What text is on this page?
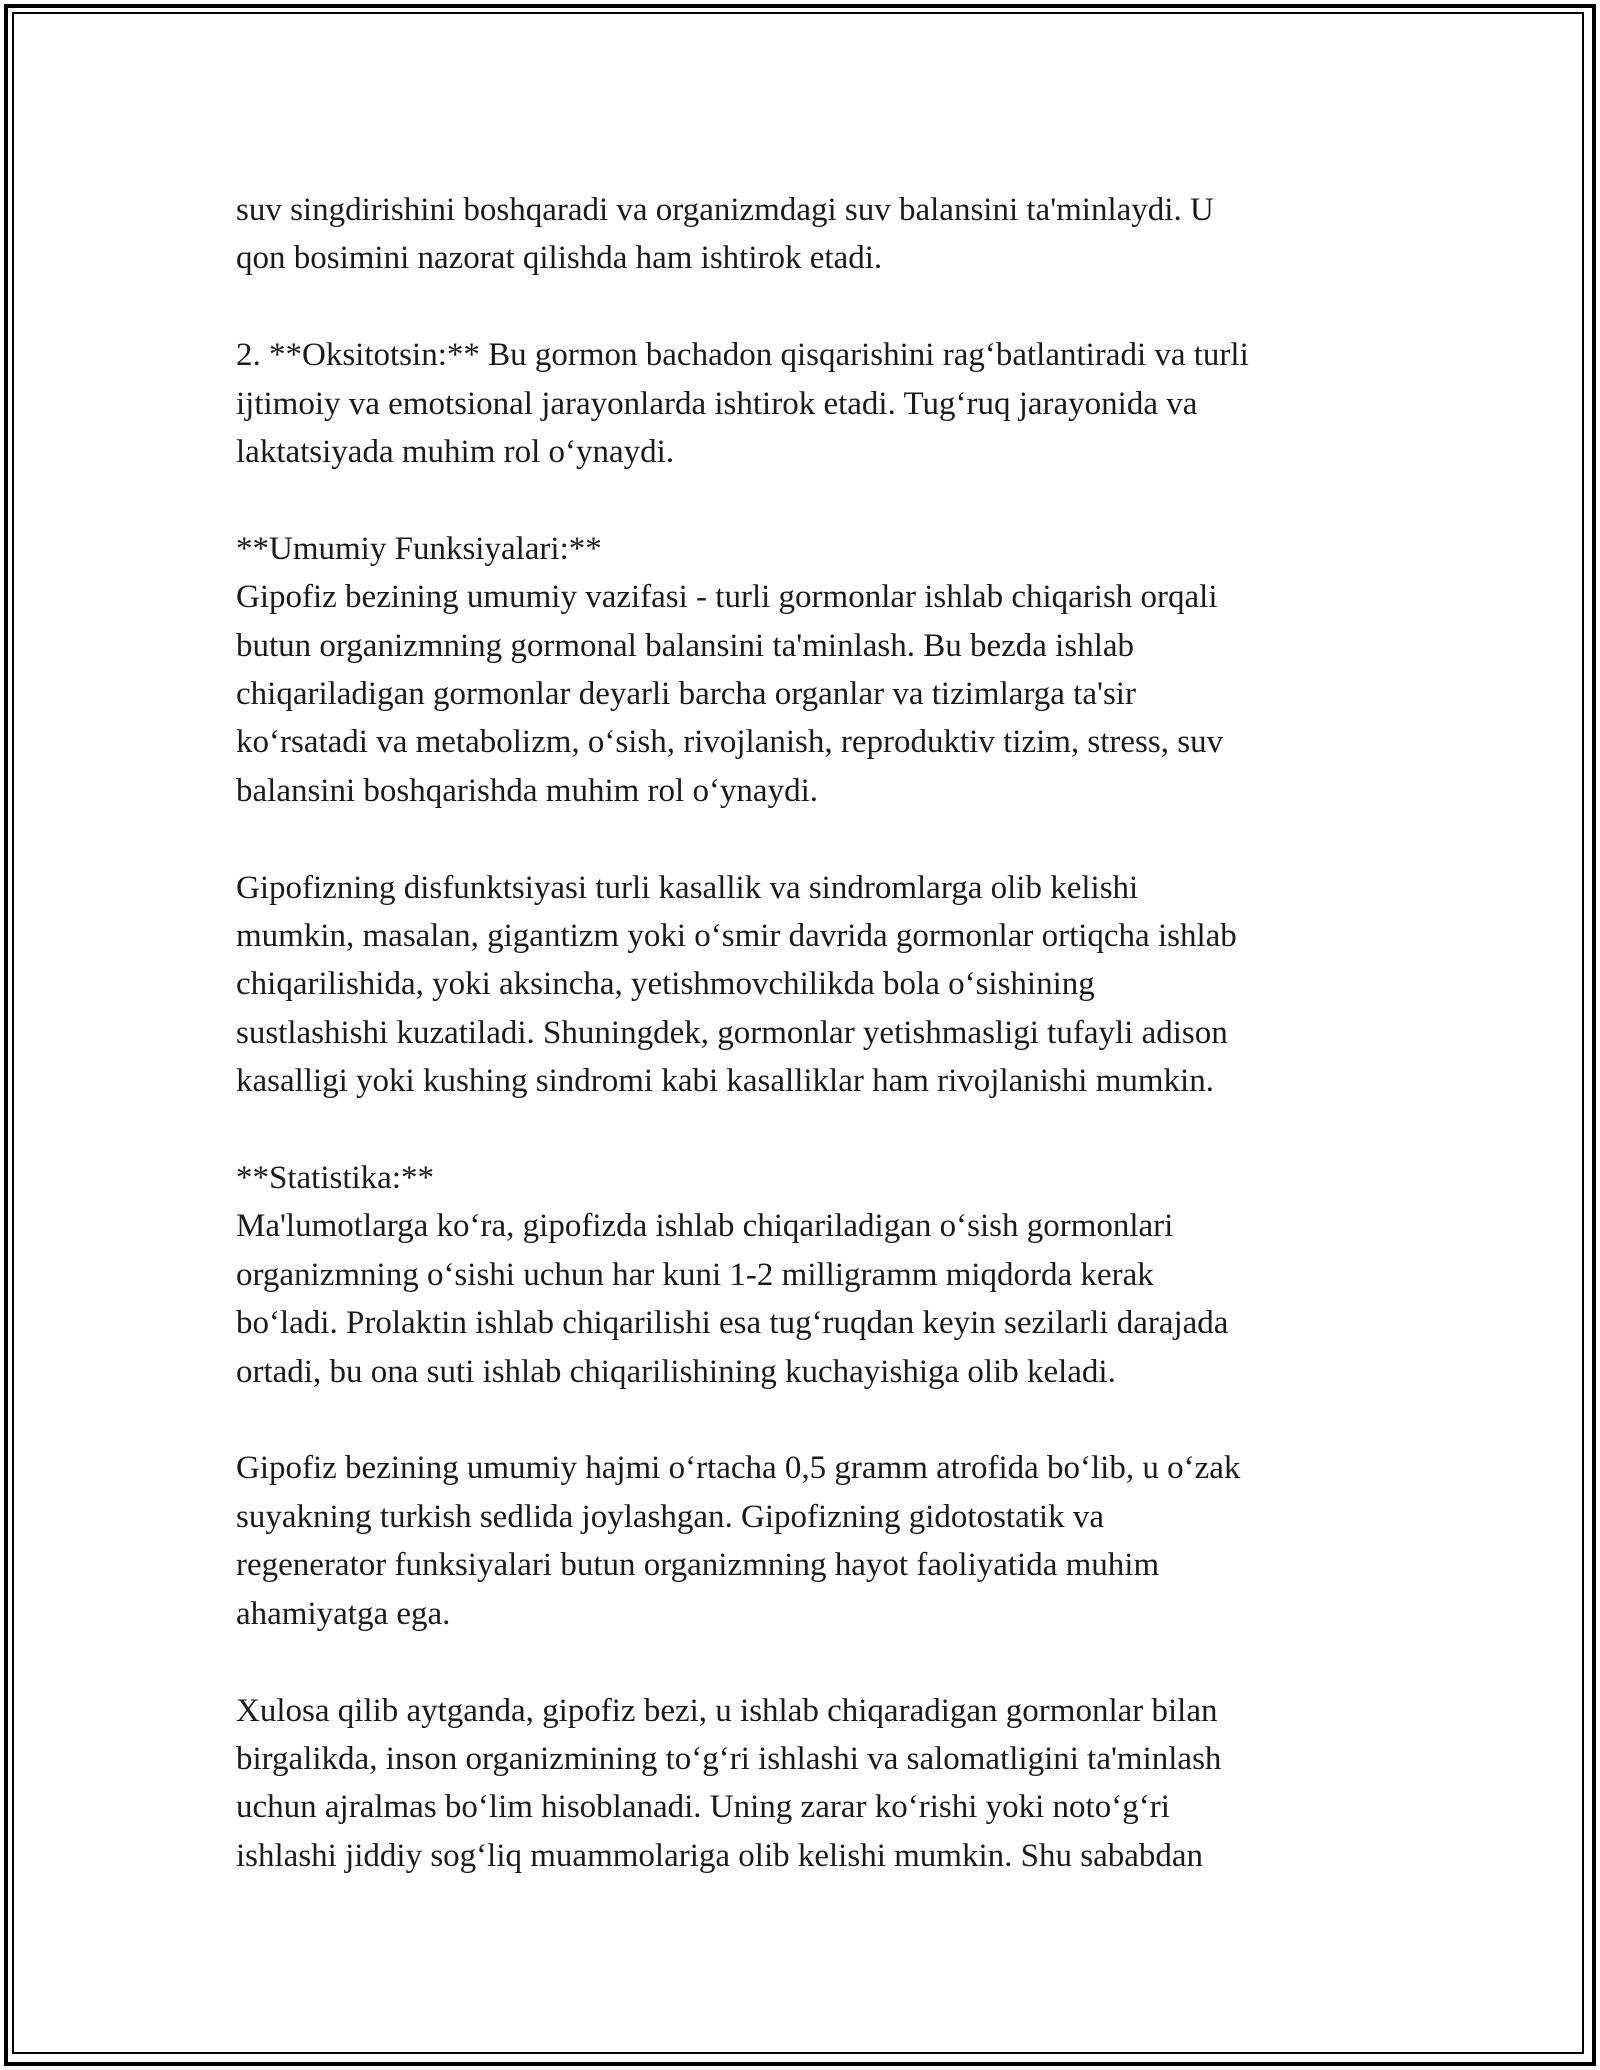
suv singdirishini boshqaradi va organizmdagi suv balansini ta'minlaydi. U
qon bosimini nazorat qilishda ham ishtirok etadi.
2. **Oksitotsin:** Bu gormon bachadon qisqarishini rag‘batlantiradi va turli
ijtimoiy va emotsional jarayonlarda ishtirok etadi. Tug‘ruq jarayonida va
laktatsiyada muhim rol o‘ynaydi.
**Umumiy Funksiyalari:**
Gipofiz bezining umumiy vazifasi - turli gormonlar ishlab chiqarish orqali
butun organizmning gormonal balansini ta'minlash. Bu bezda ishlab
chiqariladigan gormonlar deyarli barcha organlar va tizimlarga ta'sir
ko‘rsatadi va metabolizm, o‘sish, rivojlanish, reproduktiv tizim, stress, suv
balansini boshqarishda muhim rol o‘ynaydi.
Gipofizning disfunktsiyasi turli kasallik va sindromlarga olib kelishi
mumkin, masalan, gigantizm yoki o‘smir davrida gormonlar ortiqcha ishlab
chiqarilishida, yoki aksincha, yetishmovchilikda bola o‘sishining
sustlashishi kuzatiladi. Shuningdek, gormonlar yetishmasligi tufayli adison
kasalligi yoki kushing sindromi kabi kasalliklar ham rivojlanishi mumkin.
**Statistika:**
Ma'lumotlarga ko‘ra, gipofizda ishlab chiqariladigan o‘sish gormonlari
organizmning o‘sishi uchun har kuni 1-2 milligramm miqdorda kerak
bo‘ladi. Prolaktin ishlab chiqarilishi esa tug‘ruqdan keyin sezilarli darajada
ortadi, bu ona suti ishlab chiqarilishining kuchayishiga olib keladi.
Gipofiz bezining umumiy hajmi o‘rtacha 0,5 gramm atrofida bo‘lib, u o‘zak
suyakning turkish sedlida joylashgan. Gipofizning gidotostatik va
regenerator funksiyalari butun organizmning hayot faoliyatida muhim
ahamiyatga ega.
Xulosa qilib aytganda, gipofiz bezi, u ishlab chiqaradigan gormonlar bilan
birgalikda, inson organizmining to‘g‘ri ishlashi va salomatligini ta'minlash
uchun ajralmas bo‘lim hisoblanadi. Uning zarar ko‘rishi yoki noto‘g‘ri
ishlashi jiddiy sog‘liq muammolariga olib kelishi mumkin. Shu sababdan
